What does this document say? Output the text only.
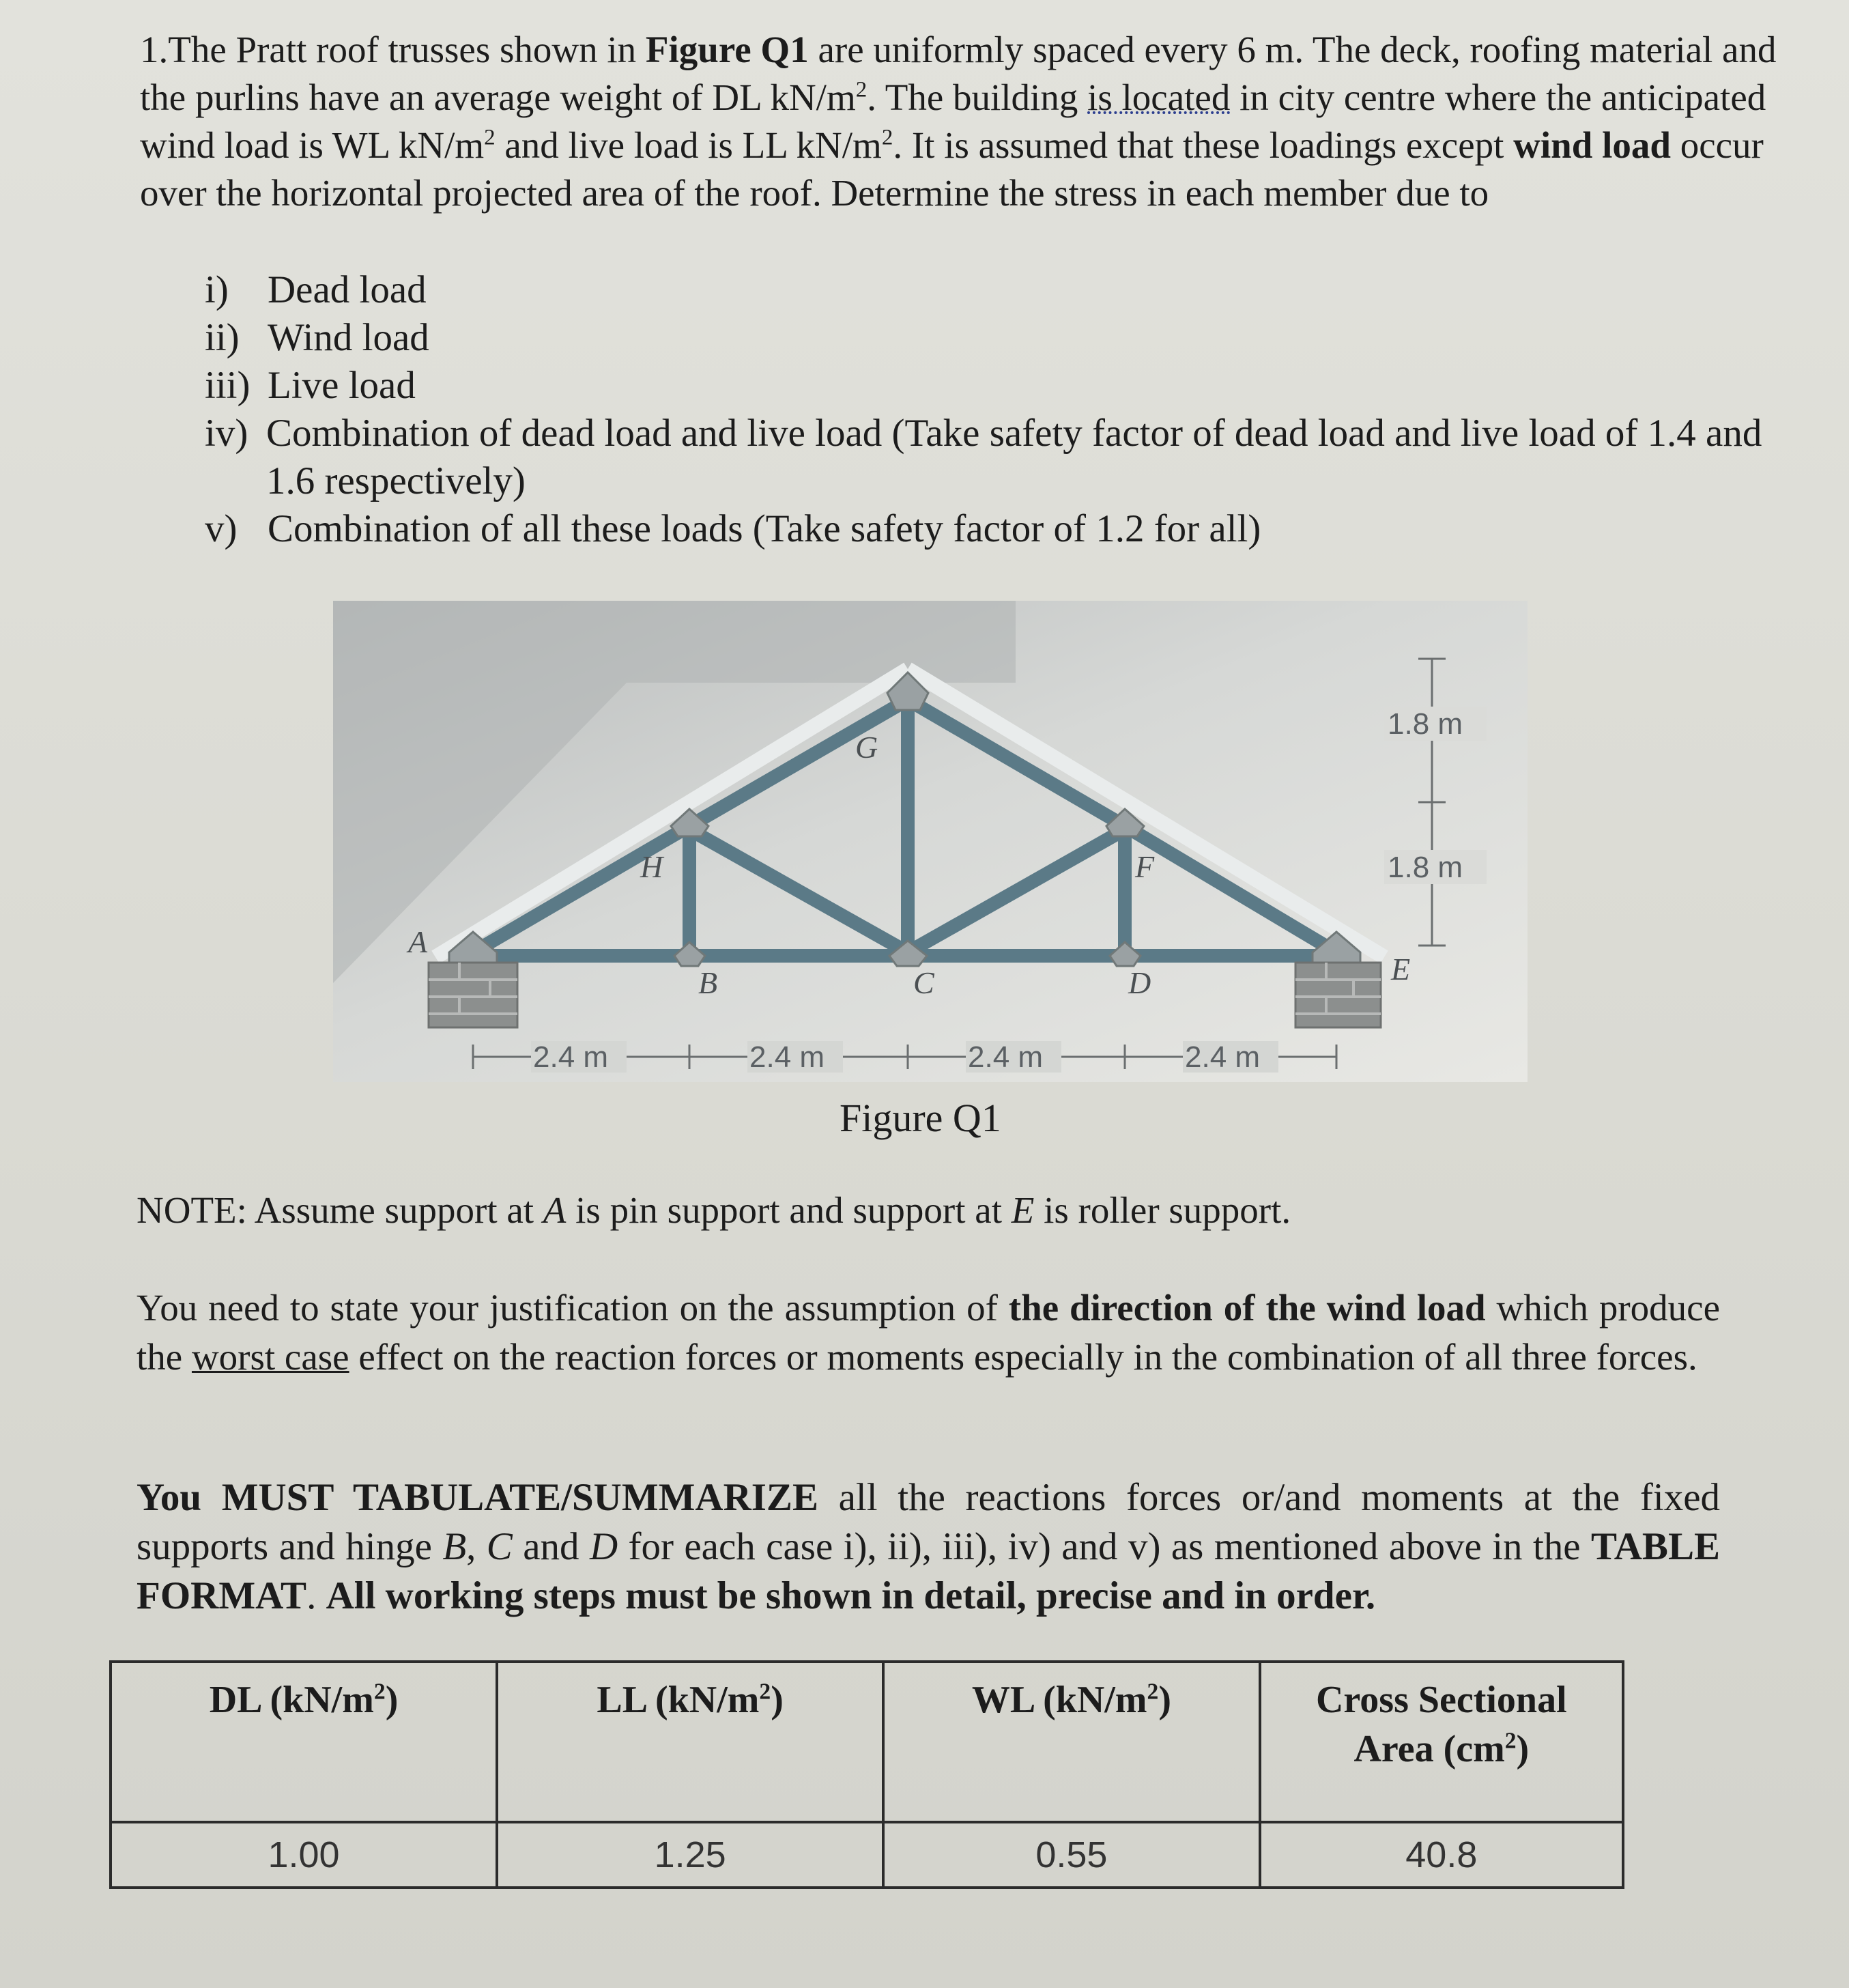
1.The Pratt roof trusses shown in Figure Q1 are uniformly spaced every 6 m. The deck, roofing material and the purlins have an average weight of DL $kN/m^2$. The building is located in city centre where the anticipated wind load is WL $kN/m^2$ and live load is LL $kN/m^2$. It is assumed that these loadings except wind load occur over the horizontal projected area of the roof. Determine the stress in each member due to

i) Dead load
ii) Wind load
iii) Live load
iv) Combination of dead load and live load (Take safety factor of dead load and live load of 1.4 and 1.6 respectively)
v) Combination of all these loads (Take safety factor of 1.2 for all)
A
H
G
F
B	C	D	E
1.8 m
1.8 m
2.4 m	2.4 m	2.4 m	2.4 m
Figure Q1

NOTE: Assume support at A is pin support and support at E is roller support.

You need to state your justification on the assumption of the direction of the wind load which produce the worst case effect on the reaction forces or moments especially in the combination of all three forces.

You MUST TABULATE/SUMMARIZE all the reactions forces or/and moments at the fixed supports and hinge B, C and D for each case i), ii), iii), iv) and v) as mentioned above in the TABLE FORMAT. All working steps must be shown in detail, precise and in order.

DL $(kN/m^2)$	LL $(kN/m^2)$	WL $(kN/m^2)$	Cross Sectional Area $(cm^2)$
1.00	1.25	0.55	40.8
